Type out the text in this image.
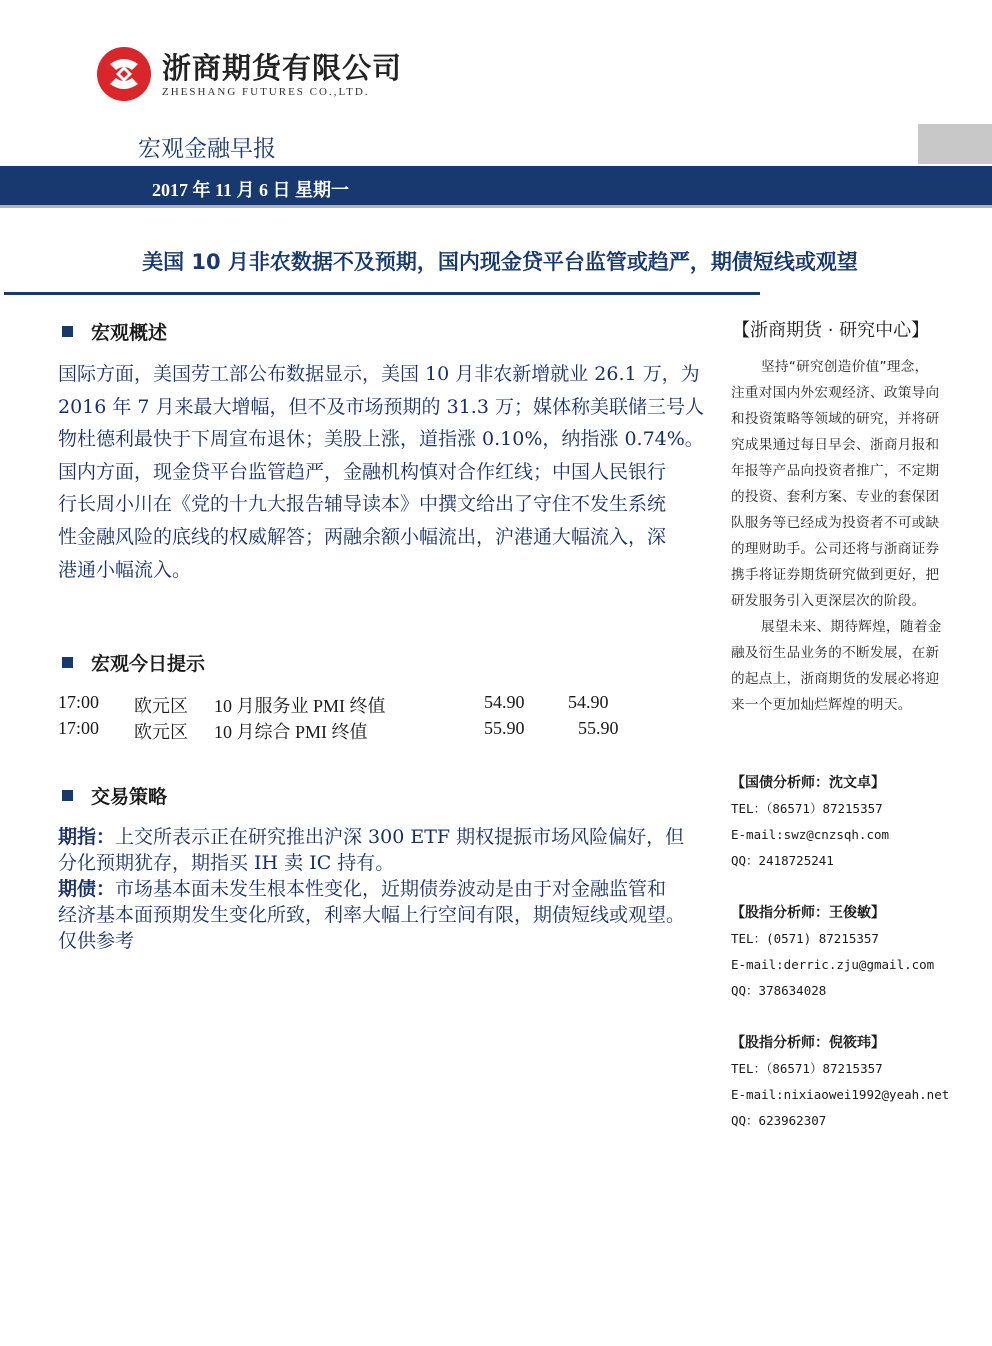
浙商期货有限公司
ZHESHANG FUTURES CO.,LTD.
宏观金融早报
2017 年 11 月 6 日 星期一
美国 10 月非农数据不及预期，国内现金贷平台监管或趋严，期债短线或观望
宏观概述

国际方面，美国劳工部公布数据显示，美国 10 月非农新增就业 26.1 万，为

2016 年 7 月来最大增幅，但不及市场预期的 31.3 万；媒体称美联储三号人

物杜德利最快于下周宣布退休；美股上涨，道指涨 0.10%，纳指涨 0.74%。

国内方面，现金贷平台监管趋严，金融机构慎对合作红线；中国人民银行

行长周小川在《党的十九大报告辅导读本》中撰文给出了守住不发生系统

性金融风险的底线的权威解答；两融余额小幅流出，沪港通大幅流入，深

港通小幅流入。

宏观今日提示
17:00 欧元区 10 月服务业 PMI 终值	54.90 54.90
17:00 欧元区 10 月综合 PMI 终值	55.90	55.90
交易策略

期指：上交所表示正在研究推出沪深 300 ETF 期权提振市场风险偏好，但

分化预期犹存，期指买 IH 卖 IC 持有。

期债：市场基本面未发生根本性变化，近期债券波动是由于对金融监管和

经济基本面预期发生变化所致，利率大幅上行空间有限，期债短线或观望。

仅供参考

【浙商期货 · 研究中心】

坚持“研究创造价值”理念，
注重对国内外宏观经济、政策导向
和投资策略等领域的研究，并将研
究成果通过每日早会、浙商月报和
年报等产品向投资者推广，不定期
的投资、套利方案、专业的套保团
队服务等已经成为投资者不可或缺
的理财助手。公司还将与浙商证券
携手将证券期货研究做到更好，把
研发服务引入更深层次的阶段。

展望未来、期待辉煌，随着金
融及衍生品业务的不断发展，在新
的起点上，浙商期货的发展必将迎
来一个更加灿烂辉煌的明天。

【国债分析师：沈文卓】
TEL：（86571）87215357
E-mail:swz@cnzsqh.com
QQ：2418725241
【股指分析师：王俊敏】
TEL：(0571) 87215357
E-mail:derric.zju@gmail.com
QQ：378634028
【股指分析师：倪筱玮】
TEL：（86571）87215357
E-mail:nixiaowei1992@yeah.net
QQ：623962307
